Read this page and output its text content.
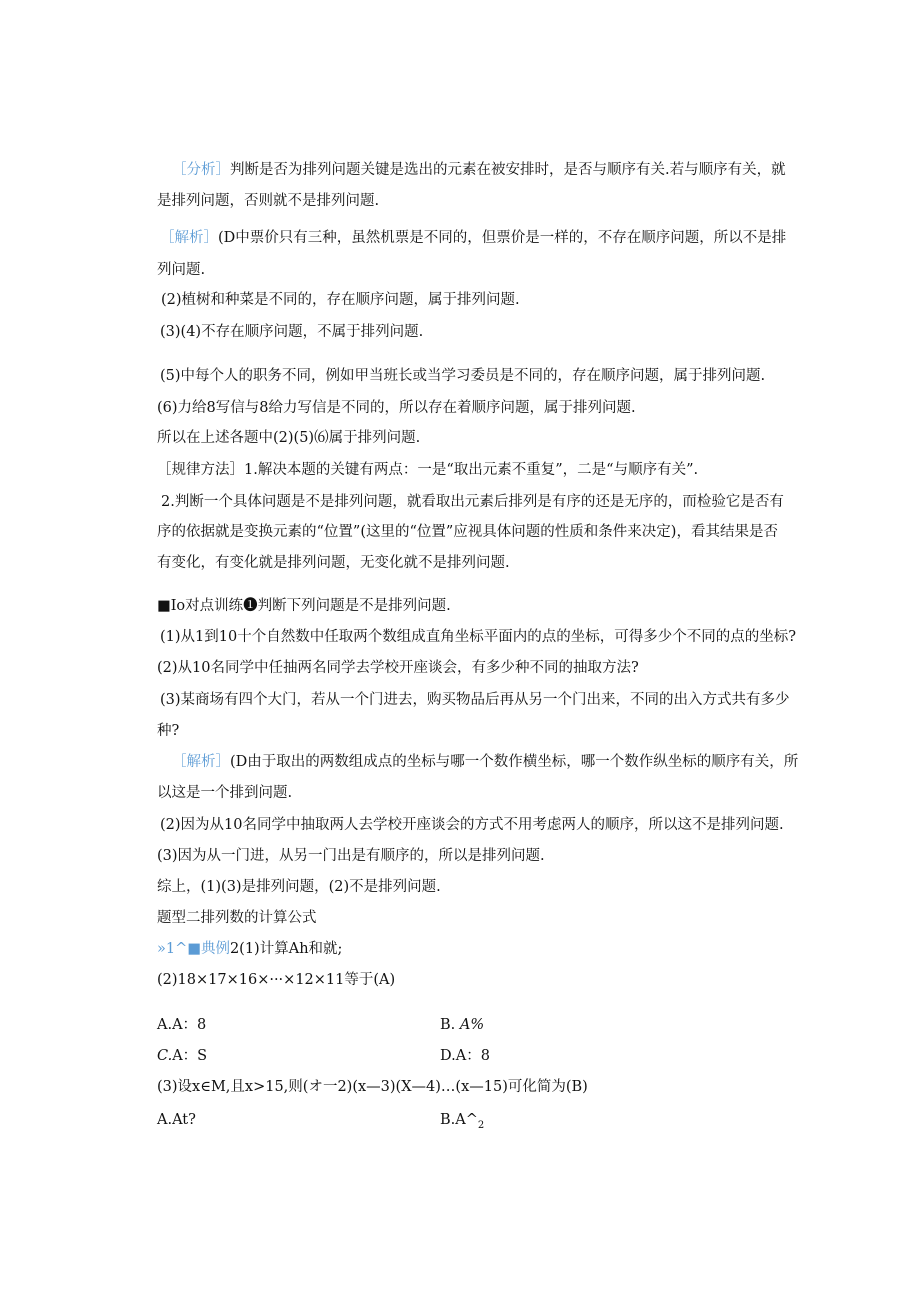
［分析］判断是否为排列问题关键是选出的元素在被安排时，是否与顺序有关.若与顺序有关，就
是排列问题，否则就不是排列问题.
［解析］(D中票价只有三种，虽然机票是不同的，但票价是一样的，不存在顺序问题，所以不是排
列问题.
(2)植树和种菜是不同的，存在顺序问题，属于排列问题.
(3)(4)不存在顺序问题，不属于排列问题.
(5)中每个人的职务不同，例如甲当班长或当学习委员是不同的，存在顺序问题，属于排列问题.
(6)力给8写信与8给力写信是不同的，所以存在着顺序问题，属于排列问题.
所以在上述各题中(2)(5)⑹属于排列问题.
［规律方法］1.解决本题的关键有两点：一是“取出元素不重复”，二是“与顺序有关”.
2.判断一个具体问题是不是排列问题，就看取出元素后排列是有序的还是无序的，而检验它是否有
序的依据就是变换元素的“位置”(这里的“位置”应视具体问题的性质和条件来决定)，看其结果是否
有变化，有变化就是排列问题，无变化就不是排列问题.
■Io对点训练❶判断下列问题是不是排列问题.
(1)从1到10十个自然数中任取两个数组成直角坐标平面内的点的坐标，可得多少个不同的点的坐标?
(2)从10名同学中任抽两名同学去学校开座谈会，有多少种不同的抽取方法?
(3)某商场有四个大门，若从一个门进去，购买物品后再从另一个门出来，不同的出入方式共有多少
种?
［解析］(D由于取出的两数组成点的坐标与哪一个数作横坐标，哪一个数作纵坐标的顺序有关，所
以这是一个排到问题.
(2)因为从10名同学中抽取两人去学校开座谈会的方式不用考虑两人的顺序，所以这不是排列问题.
(3)因为从一门进，从另一门出是有顺序的，所以是排列问题.
综上，(1)(3)是排列问题，(2)不是排列问题.
题型二排列数的计算公式
»1^■典例2(1)计算Ah和就;
(2)18×17×16×···×12×11等于(A)
A.A：8	B. A%
C.A：S	D.A：8
(3)设x∈M,且x>15,则(オ一2)(x—3)(X—4)…(x—15)可化简为(B)
A.At?	$B.A\^{}_2$
